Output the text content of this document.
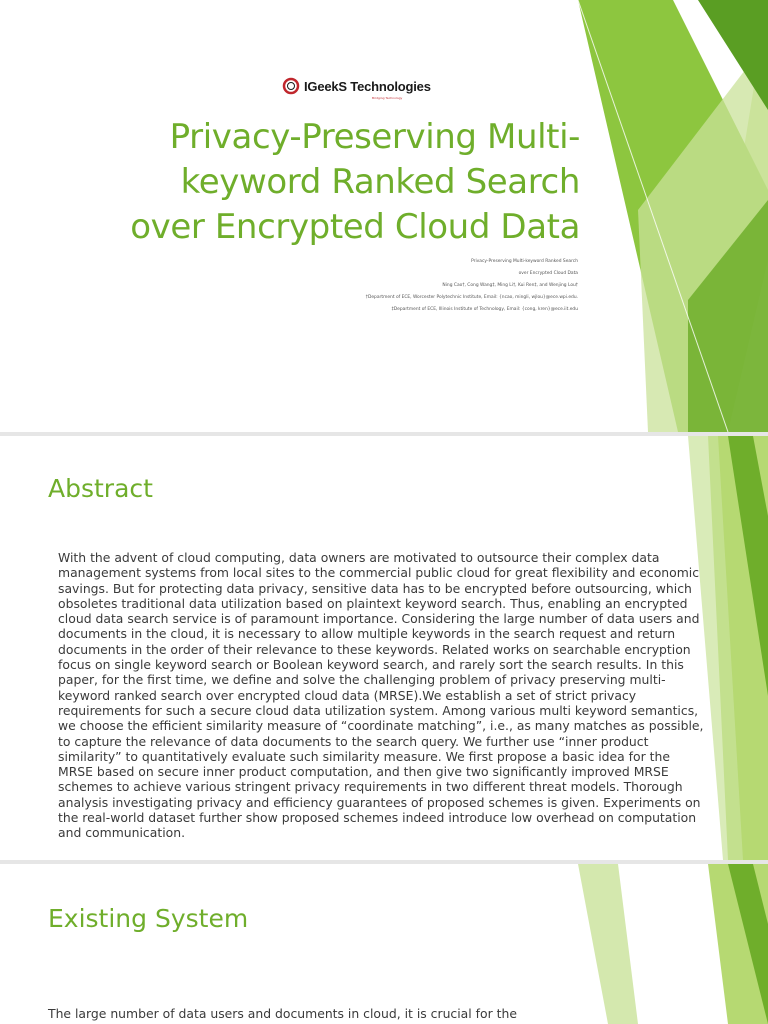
IGeekS Technologies
Bridging Technology
Privacy-Preserving Multi-
keyword Ranked Search
over Encrypted Cloud Data
Privacy-Preserving Multi-keyword Ranked Search
over Encrypted Cloud Data
Ning Cao†, Cong Wang‡, Ming Li†, Kui Ren‡, and Wenjing Lou†
†Department of ECE, Worcester Polytechnic Institute, Email: {ncao, mingli, wjlou}@ece.wpi.edu.
‡Department of ECE, Illinois Institute of Technology, Email: {cong, kren}@ece.iit.edu
Abstract

With the advent of cloud computing, data owners are motivated to outsource their complex data management systems from local sites to the commercial public cloud for great flexibility and economic savings. But for protecting data privacy, sensitive data has to be encrypted before outsourcing, which obsoletes traditional data utilization based on plaintext keyword search. Thus, enabling an encrypted cloud data search service is of paramount importance. Considering the large number of data users and documents in the cloud, it is necessary to allow multiple keywords in the search request and return documents in the order of their relevance to these keywords. Related works on searchable encryption focus on single keyword search or Boolean keyword search, and rarely sort the search results. In this paper, for the first time, we define and solve the challenging problem of privacy preserving multi-keyword ranked search over encrypted cloud data (MRSE).We establish a set of strict privacy requirements for such a secure cloud data utilization system. Among various multi keyword semantics, we choose the efficient similarity measure of “coordinate matching”, i.e., as many matches as possible, to capture the relevance of data documents to the search query. We further use “inner product similarity” to quantitatively evaluate such similarity measure. We first propose a basic idea for the MRSE based on secure inner product computation, and then give two significantly improved MRSE schemes to achieve various stringent privacy requirements in two different threat models. Thorough analysis investigating privacy and efficiency guarantees of proposed schemes is given. Experiments on the real-world dataset further show proposed schemes indeed introduce low overhead on computation and communication.

Existing System

The large number of data users and documents in cloud, it is crucial for the
